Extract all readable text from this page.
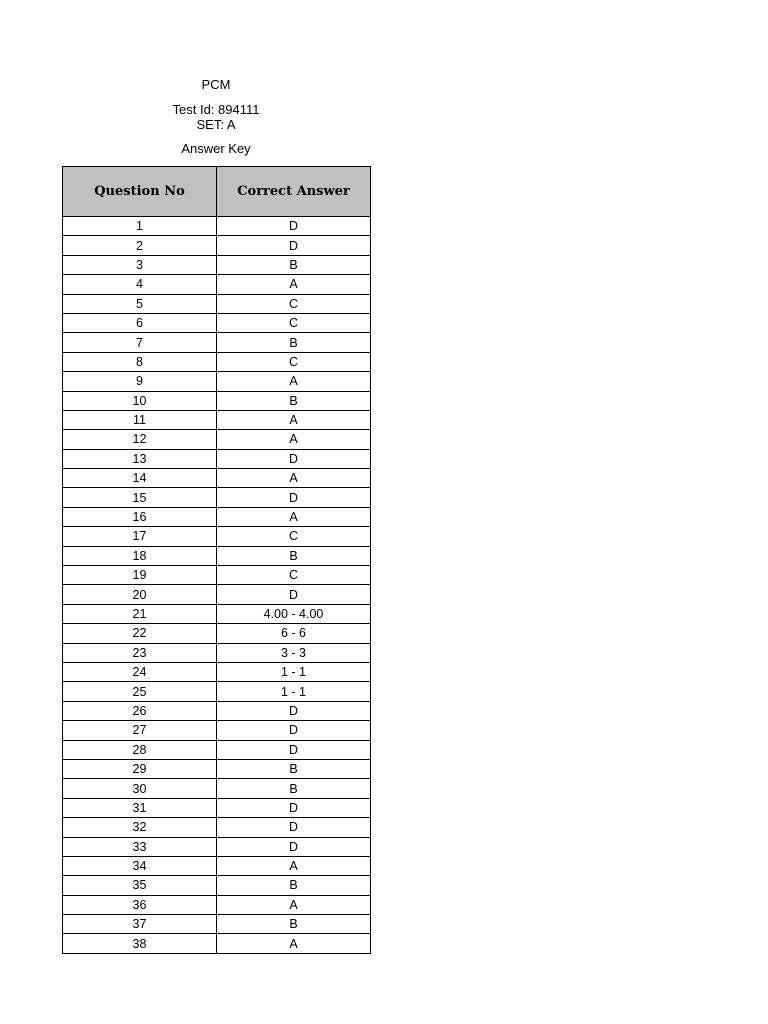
PCM
Test Id: 894111
SET: A
Answer Key
Question No	Correct Answer
1	D
2	D
3	B
4	A
5	C
6	C
7	B
8	C
9	A
10	B
11	A
12	A
13	D
14	A
15	D
16	A
17	C
18	B
19	C
20	D
21	4.00 - 4.00
22	6 - 6
23	3 - 3
24	1 - 1
25	1 - 1
26	D
27	D
28	D
29	B
30	B
31	D
32	D
33	D
34	A
35	B
36	A
37	B
38	A
